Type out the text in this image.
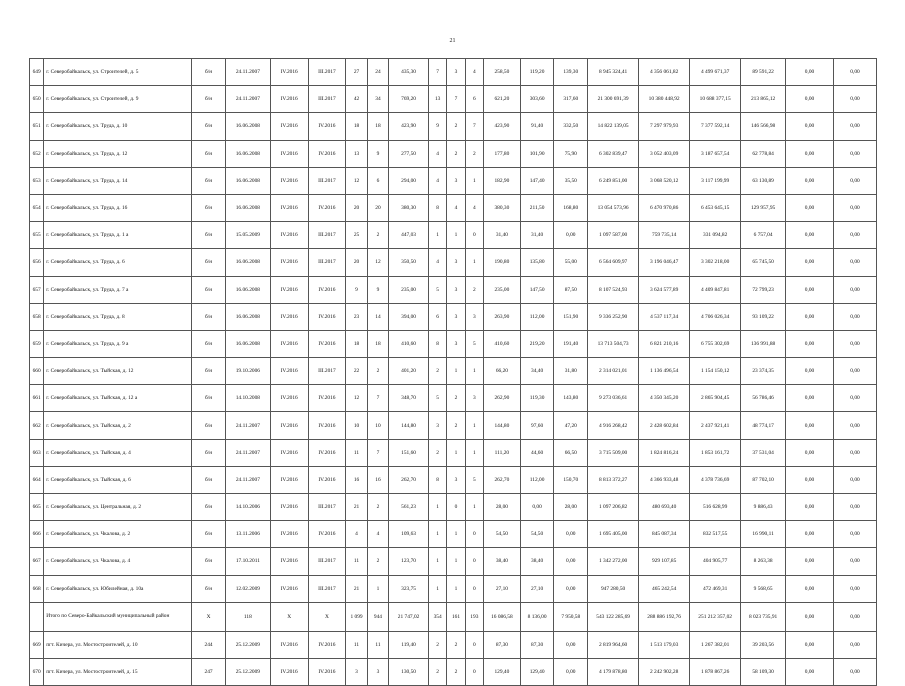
21
649	г. Северобайкальск, ул. Строителей, д. 5	б/н	24.11.2007	IV.2016	III.2017	27	24	435,30	7	3	4	258,50	119,20	139,30	8 945 324,41	4 356 061,82	4 499 671,37	89 591,22	0,00	0,00
650	г. Северобайкальск, ул. Строителей, д. 9	б/н	24.11.2007	IV.2016	III.2017	42	34	769,20	13	7	6	621,20	303,60	317,60	21 300 691,39	10 380 448,92	10 688 377,15	213 865,12	0,00	0,00
651	г. Северобайкальск, ул. Труда, д. 10	б/н	16.06.2008	IV.2016	IV.2016	18	18	423,90	9	2	7	423,90	91,40	332,50	14 822 139,05	7 297 979,93	7 377 592,14	146 566,98	0,00	0,00
652	г. Северобайкальск, ул. Труда, д. 12	б/н	16.06.2008	IV.2016	IV.2016	13	9	277,50	4	2	2	177,80	101,90	75,90	6 302 839,47	3 052 403,09	3 187 657,54	62 778,84	0,00	0,00
653	г. Северобайкальск, ул. Труда, д. 14	б/н	16.06.2008	IV.2016	III.2017	12	6	294,00	4	3	1	182,90	147,40	35,50	6 249 851,00	3 068 520,12	3 117 199,99	63 130,89	0,00	0,00
654	г. Северобайкальск, ул. Труда, д. 16	б/н	16.06.2008	IV.2016	IV.2016	20	20	380,30	8	4	4	380,30	211,50	168,80	13 054 573,96	6 470 970,86	6 453 645,15	129 957,95	0,00	0,00
655	г. Северобайкальск, ул. Труда, д. 1 а	б/н	15.05.2009	IV.2016	III.2017	25	2	447,03	1	1	0	31,40	31,40	0,00	1 097 587,00	759 735,14	331 094,82	6 757,04	0,00	0,00
656	г. Северобайкальск, ул. Труда, д. 6	б/н	16.06.2008	IV.2016	III.2017	20	12	350,50	4	3	1	190,80	135,80	55,00	6 564 609,97	3 196 046,47	3 302 218,00	65 745,50	0,00	0,00
657	г. Северобайкальск, ул. Труда, д. 7 а	б/н	16.06.2008	IV.2016	IV.2016	9	9	235,00	5	3	2	235,00	147,50	87,50	8 107 524,93	3 624 577,89	4 409 847,81	72 799,23	0,00	0,00
658	г. Северобайкальск, ул. Труда, д. 8	б/н	16.06.2008	IV.2016	IV.2016	23	14	394,00	6	3	3	263,90	112,00	151,90	9 336 252,90	4 537 117,34	4 706 026,34	93 109,22	0,00	0,00
659	г. Северобайкальск, ул. Труда, д. 9 а	б/н	16.06.2008	IV.2016	IV.2016	18	18	410,60	8	3	5	410,60	219,20	191,40	13 713 504,73	6 821 210,16	6 755 302,69	136 991,88	0,00	0,00
660	г. Северобайкальск, ул. Тыйская, д. 12	б/н	19.10.2006	IV.2016	III.2017	22	2	401,20	2	1	1	66,20	34,40	31,80	2 314 021,01	1 136 496,54	1 154 150,12	23 374,35	0,00	0,00
661	г. Северобайкальск, ул. Тыйская, д. 12 а	б/н	14.10.2008	IV.2016	IV.2016	12	7	348,70	5	2	3	262,90	119,30	143,80	9 273 036,61	4 350 345,20	2 865 904,45	56 786,46	0,00	0,00
662	г. Северобайкальск, ул. Тыйская, д. 2	б/н	24.11.2007	IV.2016	IV.2016	10	10	144,80	3	2	1	144,80	97,60	47,20	4 916 268,42	2 428 602,84	2 437 921,41	48 774,17	0,00	0,00
663	г. Северобайкальск, ул. Тыйская, д. 4	б/н	24.11.2007	IV.2016	IV.2016	11	7	151,60	2	1	1	111,20	44,60	66,50	3 715 509,00	1 824 816,24	1 853 161,72	37 531,04	0,00	0,00
664	г. Северобайкальск, ул. Тыйская, д. 6	б/н	24.11.2007	IV.2016	IV.2016	16	16	262,70	8	3	5	262,70	112,00	150,70	8 813 372,27	4 366 933,48	4 378 736,69	87 702,10	0,00	0,00
665	г. Северобайкальск, ул. Центральная, д. 2	б/н	14.10.2006	IV.2016	III.2017	21	2	561,23	1	0	1	28,00	0,00	28,00	1 097 206,82	480 693,40	516 628,99	9 886,43	0,00	0,00
666	г. Северобайкальск, ул. Чкалова, д. 2	б/н	13.11.2006	IV.2016	IV.2016	4	4	109,63	1	1	0	54,50	54,50	0,00	1 695 405,00	845 087,34	832 517,55	16 990,11	0,00	0,00
667	г. Северобайкальск, ул. Чкалова, д. 4	б/н	17.10.2011	IV.2016	III.2017	11	2	123,70	1	1	0	38,40	38,40	0,00	1 342 272,00	929 107,85	404 905,77	8 263,38	0,00	0,00
668	г. Северобайкальск, ул. Юбилейная, д. 10а	б/н	12.02.2009	IV.2016	III.2017	21	1	323,75	1	1	0	27,10	27,10	0,00	947 280,50	465 242,54	472 469,31	9 568,65	0,00	0,00
	Итого по Северо-Байкальский муниципальный район	X	118	X	X	1 099	944	21 747,02	354	161	193	16 086,58	8 136,00	7 950,58	543 122 285,69	288 886 192,76	251 212 357,02	8 023 735,91	0,00	0,00
669	пгт. Кичера, ул. Мостостроителей, д. 10	244	25.12.2009	IV.2016	IV.2016	11	11	119,40	2	2	0	87,30	87,30	0,00	2 819 964,60	1 513 179,03	1 267 382,01	39 203,56	0,00	0,00
670	пгт. Кичера, ул. Мостостроителей, д. 15	247	25.12.2009	IV.2016	IV.2016	3	3	130,50	2	2	0	129,40	129,40	0,00	4 179 878,80	2 242 902,28	1 878 867,26	58 109,30	0,00	0,00
